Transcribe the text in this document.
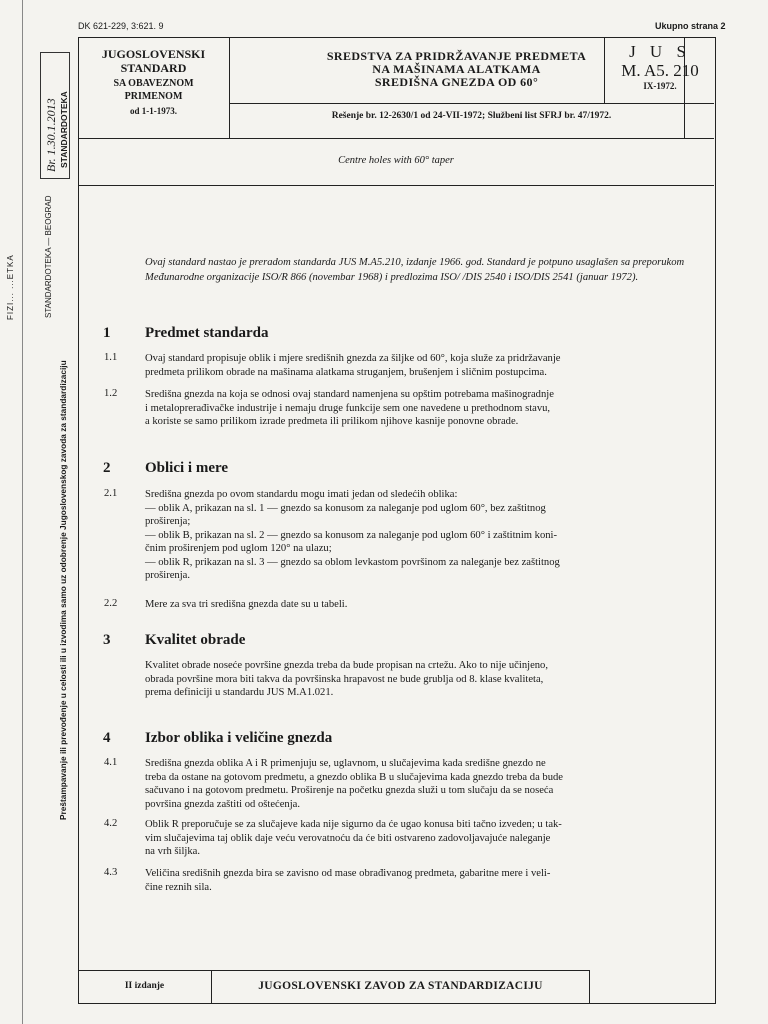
DK 621-229, 3:621. 9	Ukupno strana 2
JUGOSLOVENSKI
STANDARD
SA OBAVEZNOM
PRIMENOM
od 1-1-1973.
SREDSTVA ZA PRIDRŽAVANJE PREDMETA
NA MAŠINAMA ALATKAMA
SREDIŠNA GNEZDA OD 60°
Rešenje br. 12-2630/1 od 24-VII-1972; Službeni list SFRJ br. 47/1972.
J U S
M. A5. 210
IX-1972.
Centre holes with 60° taper
Br. 1.30.1.2013 STANDARDOTEKA
FIZI... ...ETKA	STANDARDOTEKA — BEOGRAD
Preštampavanje ili prevođenje u celosti ili u izvodima samo uz odobrenje Jugoslovenskog zavoda za standardizaciju
Ovaj standard nastao je preradom standarda JUS M.A5.210, izdanje 1966. god. Standard je potpuno usaglašen sa preporukom Međunarodne organizacije ISO/R 866 (novembar 1968) i predlozima ISO/ /DIS 2540 i ISO/DIS 2541 (januar 1972).
1 Predmet standarda
1.1	Ovaj standard propisuje oblik i mjere središnih gnezda za šiljke od 60°, koja služe za pridržavanje
predmeta prilikom obrade na mašinama alatkama struganjem, brušenjem i sličnim postupcima.
1.2	Središna gnezda na koja se odnosi ovaj standard namenjena su opštim potrebama mašinogradnje
i metaloprerađivačke industrije i nemaju druge funkcije sem one navedene u prethodnom stavu,
a koriste se samo prilikom izrade predmeta ili prilikom njihove kasnije ponovne obrade.
2 Oblici i mere
2.1	Središna gnezda po ovom standardu mogu imati jedan od sledećih oblika:
— oblik A, prikazan na sl. 1 — gnezdo sa konusom za naleganje pod uglom 60°, bez zaštitnog
proširenja;
— oblik B, prikazan na sl. 2 — gnezdo sa konusom za naleganje pod uglom 60° i zaštitnim koni-
čnim proširenjem pod uglom 120° na ulazu;
— oblik R, prikazan na sl. 3 — gnezdo sa oblom levkastom površinom za naleganje bez zaštitnog
proširenja.
2.2	Mere za sva tri središna gnezda date su u tabeli.
3 Kvalitet obrade
Kvalitet obrade noseće površine gnezda treba da bude propisan na crtežu. Ako to nije učinjeno,
obrada površine mora biti takva da površinska hrapavost ne bude grublja od 8. klase kvaliteta,
prema definiciji u standardu JUS M.A1.021.
4 Izbor oblika i veličine gnezda
4.1	Središna gnezda oblika A i R primenjuju se, uglavnom, u slučajevima kada središne gnezdo ne
treba da ostane na gotovom predmetu, a gnezdo oblika B u slučajevima kada gnezdo treba da bude
sačuvano i na gotovom predmetu. Proširenje na početku gnezda služi u tom slučaju da se noseća
površina gnezda zaštiti od oštećenja.
4.2	Oblik R preporučuje se za slučajeve kada nije sigurno da će ugao konusa biti tačno izveden; u tak-
vim slučajevima taj oblik daje veću verovatnoću da će biti ostvareno zadovoljavajuće naleganje
na vrh šiljka.
4.3	Veličina središnih gnezda bira se zavisno od mase obrađivanog predmeta, gabaritne mere i veli-
čine reznih sila.
II izdanje	JUGOSLOVENSKI ZAVOD ZA STANDARDIZACIJU
